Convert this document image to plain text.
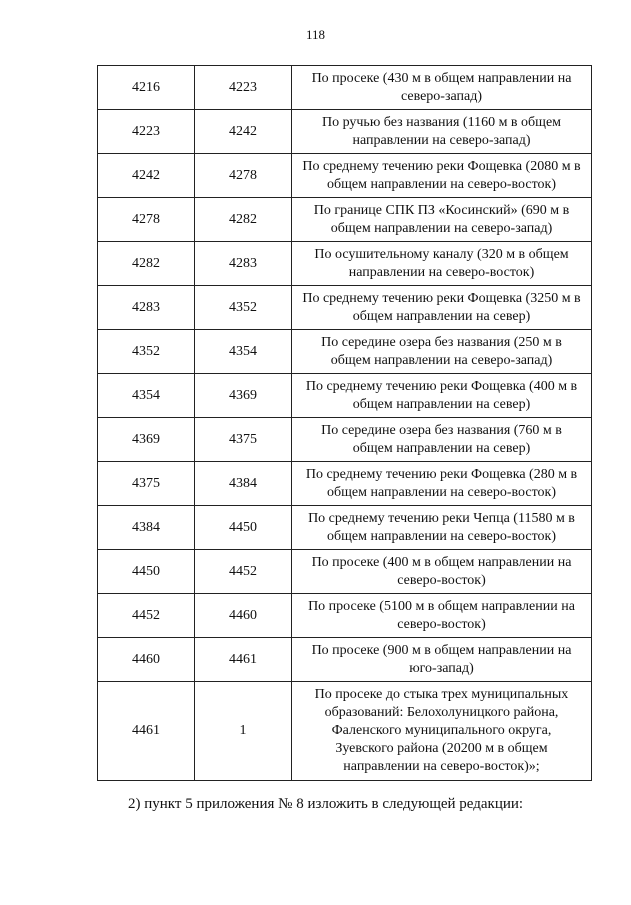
118
4216	4223	По просеке (430 м в общем направлении на
северо-запад)
4223	4242	По ручью без названия (1160 м в общем
направлении на северо-запад)
4242	4278	По среднему течению реки Фощевка (2080 м в
общем направлении на северо-восток)
4278	4282	По границе СПК ПЗ «Косинский» (690 м в
общем направлении на северо-запад)
4282	4283	По осушительному каналу (320 м в общем
направлении на северо-восток)
4283	4352	По среднему течению реки Фощевка (3250 м в
общем направлении на север)
4352	4354	По середине озера без названия (250 м в
общем направлении на северо-запад)
4354	4369	По среднему течению реки Фощевка (400 м в
общем направлении на север)
4369	4375	По середине озера без названия (760 м в
общем направлении на север)
4375	4384	По среднему течению реки Фощевка (280 м в
общем направлении на северо-восток)
4384	4450	По среднему течению реки Чепца (11580 м в
общем направлении на северо-восток)
4450	4452	По просеке (400 м в общем направлении на
северо-восток)
4452	4460	По просеке (5100 м в общем направлении на
северо-восток)
4460	4461	По просеке (900 м в общем направлении на
юго-запад)
4461	1	По просеке до стыка трех муниципальных
образований: Белохолуницкого района,
Фаленского муниципального округа,
Зуевского района (20200 м в общем
направлении на северо-восток)»;
2) пункт 5 приложения № 8 изложить в следующей редакции:
